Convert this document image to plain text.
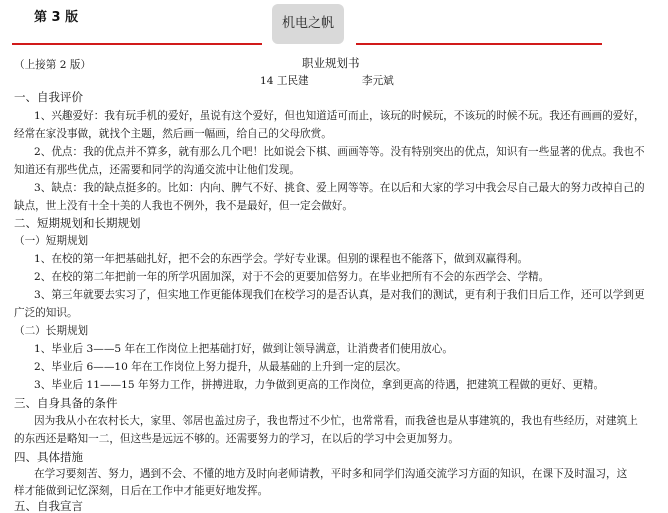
第 3 版	机电之帆
（上接第 2 版）	职业规划书
14 工民建	李元斌
一、自我评价
1、兴趣爱好：我有玩手机的爱好，虽说有这个爱好，但也知道适可而止，该玩的时候玩，不该玩的时候不玩。我还有画画的爱好，
经常在家没事做，就找个主题，然后画一幅画，给自己的父母欣赏。
2、优点：我的优点并不算多，就有那么几个吧！比如说会下棋、画画等等。没有特别突出的优点，知识有一些显著的优点。我也不
知道还有那些优点，还需要和同学的沟通交流中让他们发现。
3、缺点：我的缺点挺多的。比如：内向、脾气不好、挑食、爱上网等等。在以后和大家的学习中我会尽自己最大的努力改掉自己的
缺点，世上没有十全十美的人我也不例外，我不是最好，但一定会做好。
二、短期规划和长期规划
（一）短期规划
1、在校的第一年把基础扎好，把不会的东西学会。学好专业课。但别的课程也不能落下，做到双赢得利。
2、在校的第二年把前一年的所学巩固加深，对于不会的更要加倍努力。在毕业把所有不会的东西学会、学精。
3、第三年就要去实习了，但实地工作更能体现我们在校学习的是否认真，是对我们的测试，更有利于我们日后工作，还可以学到更
广泛的知识。
（二）长期规划
1、毕业后 3——5 年在工作岗位上把基础打好，做到让领导满意，让消费者们使用放心。
2、毕业后 6——10 年在工作岗位上努力提升，从最基础的上升到一定的层次。
3、毕业后 11——15 年努力工作，拼搏进取，力争做到更高的工作岗位，拿到更高的待遇，把建筑工程做的更好、更精。
三、自身具备的条件
因为我从小在农村长大，家里、邻居也盖过房子，我也帮过不少忙，也常常看，而我爸也是从事建筑的，我也有些经历，对建筑上
的东西还是略知一二，但这些是远远不够的。还需要努力的学习，在以后的学习中会更加努力。
四、具体措施
在学习要刻苦、努力，遇到不会、不懂的地方及时向老师请教，平时多和同学们沟通交流学习方面的知识，在课下及时温习，这
样才能做到记忆深刻，日后在工作中才能更好地发挥。
五、自我宣言
